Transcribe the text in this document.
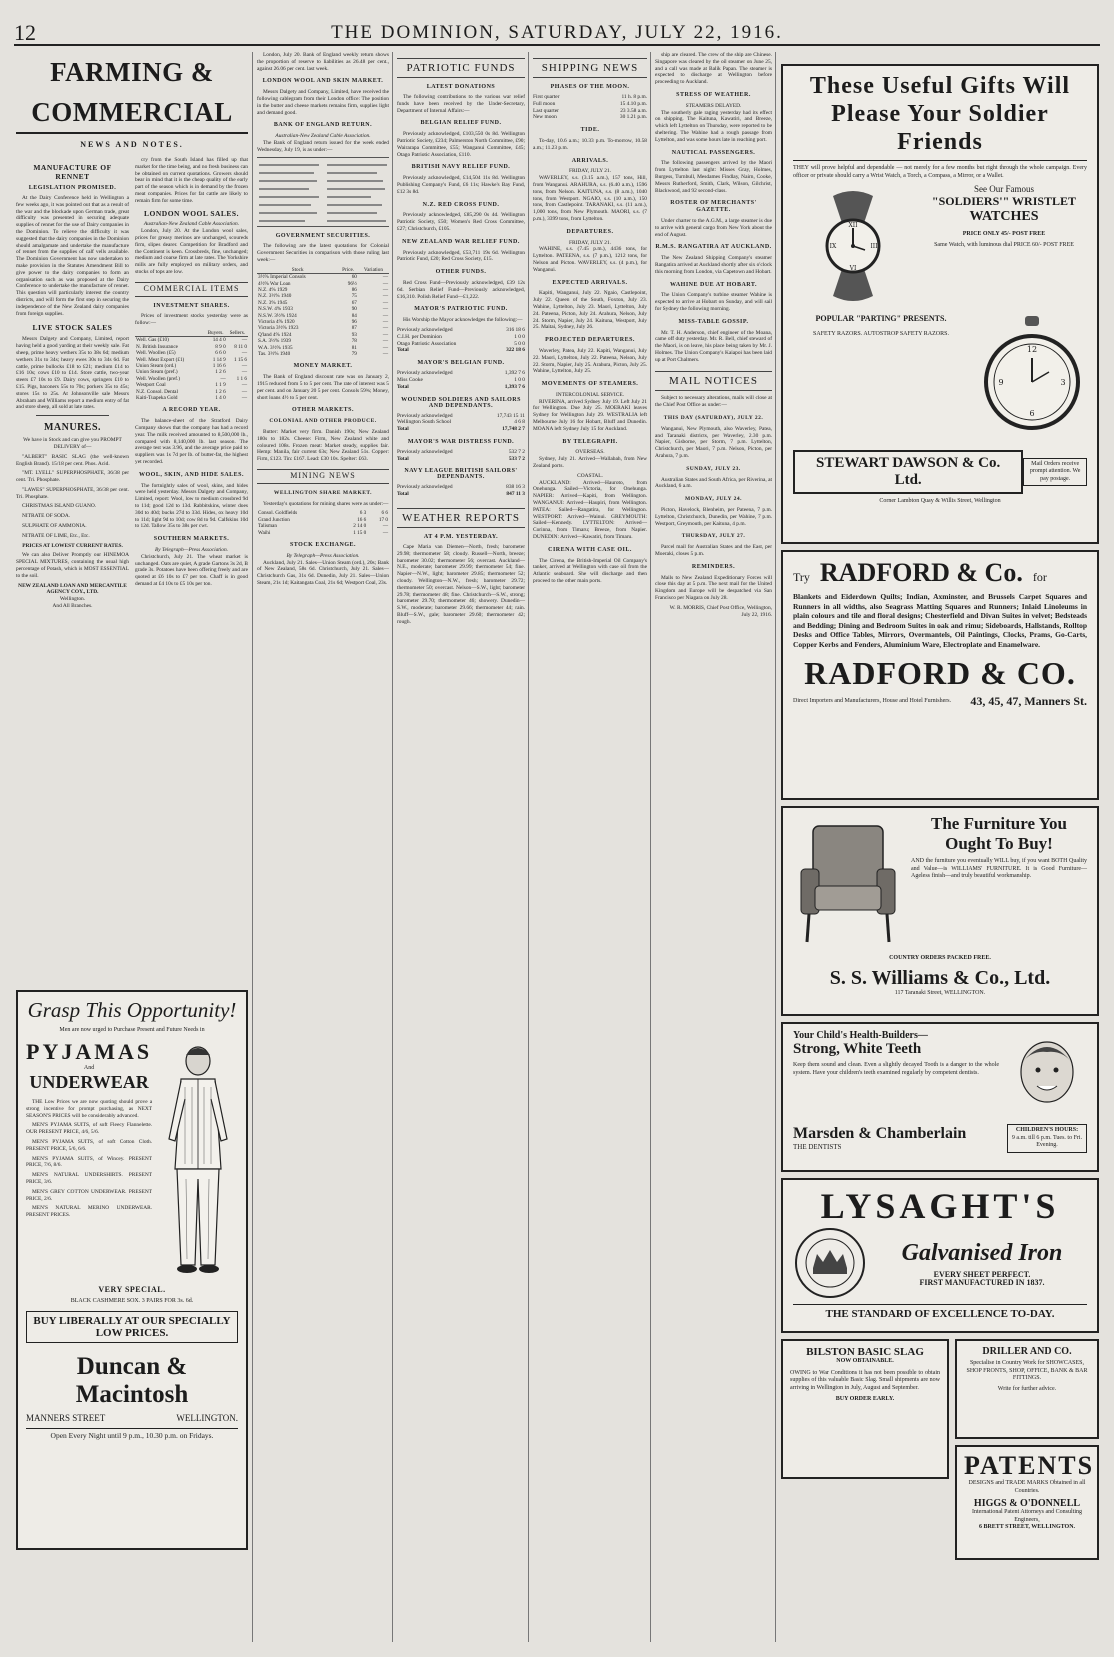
12	THE DOMINION, SATURDAY, JULY 22, 1916.
FARMING & COMMERCIAL
NEWS AND NOTES.
MANUFACTURE OF RENNET
LEGISLATION PROMISED.

At the Dairy Conference held in Wellington a few weeks ago, it was pointed out that as a result of the war and the blockade upon German trade, great difficulty was presented in securing adequate supplies of rennet for the use of Dairy companies in the Dominion. To relieve the difficulty it was suggested that the dairy companies in the Dominion should amalgamate and undertake the manufacture of rennet from the supplies of calf vells available. The Dominion Government has now undertaken to make provision in the Statutes Amendment Bill to give power to the dairy companies to form an organisation such as was proposed at the Dairy Conference to undertake the manufacture of rennet. This question will particularly interest the country districts, and will form the first step in securing the independence of the New Zealand dairy companies from foreign supplies.

LIVE STOCK SALES

Messrs Dalgety and Company, Limited, report having held a good yarding at their weekly sale. Fat sheep, prime heavy wethers 35s to 38s 6d; medium wethers 31s to 34s; heavy ewes 30s to 34s 6d. Fat cattle, prime bullocks £18 to £21; medium £14 to £16 10s; cows £10 to £14. Store cattle, two-year steers £7 10s to £9. Dairy cows, springers £10 to £15. Pigs, baconers 55s to 70s; porkers 35s to 45s; stores 15s to 25s. At Johnsonville sale Messrs Abraham and Williams report a medium entry of fat and store sheep, all sold at late rates.

MANURES.
We have in Stock and can give you PROMPT DELIVERY of—

"ALBERT" BASIC SLAG (the well-known English Brand). 15/18 per cent. Phos. Acid.

"MT. LYELL" SUPERPHOSPHATE, 36/38 per cent. Tri. Phosphate.

"LAWES" SUPERPHOSPHATE, 36/38 per cent. Tri. Phosphate.

CHRISTMAS ISLAND GUANO.

NITRATE OF SODA.

SULPHATE OF AMMONIA.

NITRATE OF LIME, Etc., Etc.

PRICES AT LOWEST CURRENT RATES.

We can also Deliver Promptly our HINEMOA SPECIAL MIXTURES, containing the usual high percentage of Potash, which is MOST ESSENTIAL to the soil.

NEW ZEALAND LOAN AND MERCANTILE AGENCY COY., LTD.
Wellington.
And All Branches.

cry from the South Island has filled up that market for the time being, and no fresh business can be obtained on current quotations. Growers should bear in mind that it is the cheap quality of the early part of the season which is in demand by the frozen meat companies. Prices for fat cattle are likely to remain firm for some time.

LONDON WOOL SALES.
Australian-New Zealand Cable Association.

London, July 20. At the London wool sales, prices for greasy merinos are unchanged, scoureds firm, slipes dearer. Competition for Bradford and the Continent is keen. Crossbreds, fine, unchanged; medium and coarse firm at late rates. The Yorkshire mills are fully employed on military orders, and stocks of tops are low.

COMMERCIAL ITEMS
INVESTMENT SHARES.

Prices of investment stocks yesterday were as follow:—

	Buyers.	Sellers.
Well. Gas (£10)	14 4 0	—
N. British Insurance	8 9 0	8 11 0
Well. Woollen (£5)	6 6 0	—
Well. Meat Export (£1)	1 14 9	1 15 6
Union Steam (ord.)	1 16 6	—
Union Steam (pref.)	1 2 6	—
Well. Woollen (pref.)	—	1 1 6
Westport Coal	1 1 9	—
N.Z. Consol. Dental	1 2 6	—
Kaiti-Tuapeka Gold	1 4 0	—
A RECORD YEAR.

The balance-sheet of the Stratford Dairy Company shows that the company has had a record year. The milk received amounted to 8,500,000 lb., compared with 8,140,000 lb. last season. The average test was 3.96, and the average price paid to suppliers was 1s 7d per lb. of butter-fat, the highest yet recorded.

WOOL, SKIN, AND HIDE SALES.

The fortnightly sales of wool, skins, and hides were held yesterday. Messrs Dalgety and Company, Limited, report: Wool, low to medium crossbred 9d to 11d; good 12d to 13d. Rabbitskins, winter does 30d to 40d; bucks 27d to 33d. Hides, ox heavy 10d to 11d; light 9d to 10d; cow 8d to 9d. Calfskins 10d to 12d. Tallow 35s to 38s per cwt.

SOUTHERN MARKETS.
By Telegraph—Press Association.

Christchurch, July 21. The wheat market is unchanged. Oats are quiet, A grade Gartons 3s 2d, B grade 3s. Potatoes have been offering freely and are quoted at £6 10s to £7 per ton. Chaff is in good demand at £4 10s to £5 10s per ton.

Grasp This Opportunity!
Men are now urged to Purchase Present and Future Needs in
PYJAMAS
And
UNDERWEAR

THE Low Prices we are now quoting should prove a strong incentive for prompt purchasing, as NEXT SEASON'S PRICES will be considerably advanced.

MEN'S PYJAMA SUITS, of soft Fleecy Flannelette. OUR PRESENT PRICE, 4/6, 5/6.

MEN'S PYJAMA SUITS, of soft Cotton Cloth. PRESENT PRICE, 5/6, 6/6.

MEN'S PYJAMA SUITS, of Wincey. PRESENT PRICE, 7/6, 8/6.

MEN'S NATURAL UNDERSHIRTS. PRESENT PRICE, 3/6.

MEN'S GREY COTTON UNDERWEAR. PRESENT PRICE, 2/6.

MEN'S NATURAL MERINO UNDERWEAR. PRESENT PRICES.

VERY SPECIAL.
BLACK CASHMERE SOX. 3 PAIRS FOR 3s. 6d.
BUY LIBERALLY AT OUR SPECIALLY LOW PRICES.
Duncan & Macintosh
MANNERS STREET	WELLINGTON.
Open Every Night until 9 p.m., 10.30 p.m. on Fridays.

London, July 20. Bank of England weekly return shows the proportion of reserve to liabilities as 26.48 per cent., against 26.06 per cent. last week.

LONDON WOOL AND SKIN MARKET.

Messrs Dalgety and Company, Limited, have received the following cablegram from their London office: The position in the butter and cheese markets remains firm, supplies light and demand good.

BANK OF ENGLAND RETURN.
Australian-New Zealand Cable Association.

The Bank of England return issued for the week ended Wednesday, July 19, is as under:—

GOVERNMENT SECURITIES.

The following are the latest quotations for Colonial Government Securities in comparison with those ruling last week:—

Stock	Price.	Variation
3½% Imperial Consols	60	—
4½% War Loan	96½	—
N.Z. 4% 1929	86	—
N.Z. 3½% 1940	75	—
N.Z. 3% 1945	67	—
N.S.W. 4% 1933	90	—
N.S.W. 3½% 1924	84	—
Victoria 4% 1920	96	—
Victoria 3½% 1923	87	—
Q'land 4% 1924	93	—
S.A. 3½% 1939	78	—
W.A. 3½% 1935	81	—
Tas. 3½% 1940	79	—
MONEY MARKET.

The Bank of England discount rate was on January 2, 1915 reduced from 5 to 5 per cent. The rate of interest was 5 per cent. and on January 20 5 per cent. Consols 59¾; Money, short loans 4½ to 5 per cent.

OTHER MARKETS.
COLONIAL AND OTHER PRODUCE.

Butter: Market very firm. Danish 190s; New Zealand 180s to 182s. Cheese: Firm, New Zealand white and coloured 108s. Frozen meat: Market steady, supplies fair. Hemp: Manila, fair current 63s; New Zealand 51s. Copper: Firm, £123. Tin: £167. Lead: £30 10s. Spelter: £63.

MINING NEWS
WELLINGTON SHARE MARKET.

Yesterday's quotations for mining shares were as under:—

Consol. Goldfields	6 3	6 6
Grand Junction	16 6	17 0
Talisman	2 14 0	—
Waihi	1 15 0	—
STOCK EXCHANGE.
By Telegraph—Press Association.

Auckland, July 21. Sales—Union Steam (ord.), 20s; Bank of New Zealand, 58s 6d. Christchurch, July 21. Sales—Christchurch Gas, 31s 6d. Dunedin, July 21. Sales—Union Steam, 21s 1d; Kaitangata Coal, 21s 6d; Westport Coal, 23s.

PATRIOTIC FUNDS
LATEST DONATIONS

The following contributions to the various war relief funds have been received by the Under-Secretary, Department of Internal Affairs:—

BELGIAN RELIEF FUND.

Previously acknowledged, £103,550 0s 8d. Wellington Patriotic Society, £234; Palmerston North Committee, £90; Wairarapa Committee, £55; Wanganui Committee, £45; Otago Patriotic Association, £110.

BRITISH NAVY RELIEF FUND.

Previously acknowledged, £14,504 11s 8d. Wellington Publishing Company's Fund, £6 11s; Hawke's Bay Fund, £12 3s 8d.

N.Z. RED CROSS FUND.

Previously acknowledged, £85,290 0s 4d. Wellington Patriotic Society, £50; Women's Red Cross Committee, £27; Christchurch, £105.

NEW ZEALAND WAR RELIEF FUND.

Previously acknowledged, £53,711 19s 6d. Wellington Patriotic Fund, £20; Red Cross Society, £15.

OTHER FUNDS.

Red Cross Fund—Previously acknowledged, £39 12s 6d. Serbian Relief Fund—Previously acknowledged, £16,310. Polish Relief Fund—£1,222.

MAYOR'S PATRIOTIC FUND.

His Worship the Mayor acknowledges the following:—

Previously acknowledged	316 18 6
C.I.H. per Dominion	1 0 0
Otago Patriotic Association	5 0 0
Total	322 18 6
MAYOR'S BELGIAN FUND.
Previously acknowledged	1,392 7 6
Miss Cooke	1 0 0
Total	1,393 7 6
WOUNDED SOLDIERS AND SAILORS AND DEPENDANTS.
Previously acknowledged	17,743 15 11
Wellington South School	4 6 8
Total	17,748 2 7
MAYOR'S WAR DISTRESS FUND.
Previously acknowledged	532 7 2
Total	533 7 2
NAVY LEAGUE BRITISH SAILORS' DEPENDANTS.
Previously acknowledged	838 16 3
Total	847 11 3
WEATHER REPORTS
AT 4 P.M. YESTERDAY.

Cape Maria van Diemen—North, fresh; barometer 29.98; thermometer 58; cloudy. Russell—North, breeze; barometer 30.02; thermometer 56; overcast. Auckland—N.E., moderate; barometer 29.99; thermometer 54; fine. Napier—N.W., light; barometer 29.85; thermometer 52; cloudy. Wellington—N.W., fresh; barometer 29.72; thermometer 50; overcast. Nelson—S.W., light; barometer 29.78; thermometer 48; fine. Christchurch—S.W., strong; barometer 29.70; thermometer 46; showery. Dunedin—S.W., moderate; barometer 29.66; thermometer 44; rain. Bluff—S.W., gale; barometer 29.60; thermometer 42; rough.

SHIPPING NEWS
PHASES OF THE MOON.
First quarter	11 h. 8 p.m.
Full moon	15 4.10 p.m.
Last quarter	23 3.58 a.m.
New moon	30 1.21 p.m.
TIDE.

To-day, 10.6 a.m.; 10.33 p.m. To-morrow, 10.58 a.m.; 11.23 p.m.

ARRIVALS.
FRIDAY, JULY 21.

WAVERLEY, s.s. (3.15 a.m.), 157 tons, Hill, from Wanganui. ARAHURA, s.s. (6.40 a.m.), 1596 tons, from Nelson. KAITUNA, s.s. (8 a.m.), 1040 tons, from Westport. NGAIO, s.s. (10 a.m.), 150 tons, from Castlepoint. TARANAKI, s.s. (11 a.m.), 1,000 tons, from New Plymouth. MAORI, s.s. (7 p.m.), 3399 tons, from Lyttelton.

DEPARTURES.
FRIDAY, JULY 21.

WAHINE, s.s. (7.45 p.m.), 4436 tons, for Lyttelton. PATEENA, s.s. (7 p.m.), 1212 tons, for Nelson and Picton. WAVERLEY, s.s. (4 p.m.), for Wanganui.

EXPECTED ARRIVALS.

Kapiti, Wanganui, July 22. Ngaio, Castlepoint, July 22. Queen of the South, Foxton, July 23. Wahine, Lyttelton, July 23. Maori, Lyttelton, July 24. Pateena, Picton, July 24. Arahura, Nelson, July 24. Storm, Napier, July 24. Kaituna, Westport, July 25. Maitai, Sydney, July 26.

PROJECTED DEPARTURES.

Waverley, Patea, July 22. Kapiti, Wanganui, July 22. Maori, Lyttelton, July 22. Pateena, Nelson, July 22. Storm, Napier, July 25. Arahura, Picton, July 25. Wahine, Lyttelton, July 25.

MOVEMENTS OF STEAMERS.
INTERCOLONIAL SERVICE.

RIVERINA, arrived Sydney July 19. Left July 21 for Wellington. Due July 25. MOERAKI leaves Sydney for Wellington July 29. WESTRALIA left Melbourne July 16 for Hobart, Bluff and Dunedin. MOANA left Sydney July 15 for Auckland.

BY TELEGRAPH.
OVERSEAS.

Sydney, July 21. Arrived—Wallabah, from New Zealand ports.

COASTAL.

AUCKLAND: Arrived—Hauroto, from Onehunga. Sailed—Victoria, for Onehunga. NAPIER: Arrived—Kapiti, from Wellington. WANGANUI: Arrived—Haupiri, from Wellington. PATEA: Sailed—Rangatira, for Wellington. WESTPORT: Arrived—Wainui. GREYMOUTH: Sailed—Kennedy. LYTTELTON: Arrived—Corinna, from Timaru; Breeze, from Napier. DUNEDIN: Arrived—Kawatiri, from Timaru.

CIRENA WITH CASE OIL.

The Cirena, the British-Imperial Oil Company's tanker, arrived at Wellington with case oil from the Atlantic seaboard. She will discharge and then proceed to the other main ports.

ship are cleared. The crew of the ship are Chinese. Singapore was cleared by the oil steamer on June 25, and a call was made at Balik Papan. The steamer is expected to discharge at Wellington before proceeding to Auckland.

STRESS OF WEATHER.
STEAMERS DELAYED.

The southerly gale raging yesterday had its effect on shipping. The Kaituna, Kawatiri, and Breeze, which left Lyttelton on Thursday, were reported to be sheltering. The Wahine had a rough passage from Lyttelton, and was some hours late in reaching port.

NAUTICAL PASSENGERS.

The following passengers arrived by the Maori from Lyttelton last night: Misses Gray, Holmes, Burgess, Turnbull, Mesdames Findlay, Nairn, Cooke, Messrs Rutherford, Smith, Clark, Wilson, Gilchrist, Blackwood, and 92 second-class.

ROSTER OF MERCHANTS' GAZETTE.

Under charter to the A.G.M., a large steamer is due to arrive with general cargo from New York about the end of August.

R.M.S. RANGATIRA AT AUCKLAND.

The New Zealand Shipping Company's steamer Rangatira arrived at Auckland shortly after six o'clock this morning from London, via Capetown and Hobart.

WAHINE DUE AT HOBART.

The Union Company's turbine steamer Wahine is expected to arrive at Hobart on Sunday, and will sail for Sydney the following morning.

MISS-TABLE GOSSIP.

Mr. T. H. Anderson, chief engineer of the Moana, came off duty yesterday. Mr. R. Bell, chief steward of the Maori, is on leave, his place being taken by Mr. J. Holmes. The Union Company's Kaiapoi has been laid up at Port Chalmers.

MAIL NOTICES

Subject to necessary alterations, mails will close at the Chief Post Office as under:—

THIS DAY (SATURDAY), JULY 22.

Wanganui, New Plymouth, also Waverley, Patea, and Taranaki districts, per Waverley, 2.30 p.m. Napier, Gisborne, per Storm, 7 p.m. Lyttelton, Christchurch, per Maori, 7 p.m. Nelson, Picton, per Arahura, 7 p.m.

SUNDAY, JULY 23.

Australian States and South Africa, per Riverina, at Auckland, 6 a.m.

MONDAY, JULY 24.

Picton, Havelock, Blenheim, per Pateena, 7 p.m. Lyttelton, Christchurch, Dunedin, per Wahine, 7 p.m. Westport, Greymouth, per Kaituna, 4 p.m.

THURSDAY, JULY 27.

Parcel mail for Australian States and the East, per Moeraki, closes 5 p.m.

REMINDERS.

Mails to New Zealand Expeditionary Forces will close this day at 5 p.m. The next mail for the United Kingdom and Europe will be despatched via San Francisco per Niagara on July 28.

W. R. MORRIS, Chief Post Office, Wellington, July 22, 1916.

These Useful Gifts Will
Please Your Soldier Friends
THEY will prove helpful and dependable — not merely for a few months but right through the whole campaign. Every officer or private should carry a Wrist Watch, a Torch, a Compass, a Mirror, or a Wallet.
XII
III
VI
IX
See Our Famous
"SOLDIERS'" WRISTLET
WATCHES
PRICE ONLY 45/- POST FREE
Same Watch, with luminous dial PRICE 60/- POST FREE
POPULAR "PARTING" PRESENTS.
SAFETY RAZORS. AUTOSTROP SAFETY RAZORS.
12
3
6
9
STEWART DAWSON & Co. Ltd.
Mail Orders receive prompt attention. We pay postage.
Corner Lambton Quay & Willis Street, Wellington
Try RADFORD & Co. for
Blankets and Eiderdown Quilts; Indian, Axminster, and Brussels Carpet Squares and Runners in all widths, also Seagrass Matting Squares and Runners; Inlaid Linoleums in plain colours and tile and floral designs; Chesterfield and Divan Suites in velvet; Bedsteads and Bedding; Dining and Bedroom Suites in oak and rimu; Sideboards, Hallstands, Rolltop Desks and Office Tables, Mirrors, Overmantels, Oil Paintings, Clocks, Prams, Go-Carts, Copper Kerbs and Fenders, Aluminium Ware, Electroplate and Enamelware.
RADFORD & CO.
Direct Importers and Manufacturers, House and Hotel Furnishers. 43, 45, 47, Manners St.
The Furniture You
Ought To Buy!
AND the furniture you eventually WILL buy, if you want BOTH Quality and Value—is WILLIAMS' FURNITURE. It is Good Furniture—Ageless finish—and truly beautiful workmanship.
COUNTRY ORDERS PACKED FREE.
S. S. Williams & Co., Ltd.
117 Taranaki Street, WELLINGTON.
Your Child's Health-Builders—
Strong, White Teeth
Keep them sound and clean. Even a slightly decayed Tooth is a danger to the whole system. Have your children's teeth examined regularly by competent dentists.
Marsden & Chamberlain
THE DENTISTS
CHILDREN'S HOURS:
9 a.m. till 6 p.m. Tues. to Fri. Evening.
LYSAGHT'S
Galvanised Iron
EVERY SHEET PERFECT.
FIRST MANUFACTURED IN 1837.
THE STANDARD OF EXCELLENCE TO-DAY.
BILSTON BASIC SLAG
NOW OBTAINABLE.
OWING to War Conditions it has not been possible to obtain supplies of this valuable Basic Slag. Small shipments are now arriving in Wellington in July, August and September.
BUY ORDER EARLY.
DRILLER AND CO.
Specialise in Country Work for SHOWCASES, SHOP FRONTS, SHOP, OFFICE, BANK & BAR FITTINGS.
Write for further advice.
PATENTS
DESIGNS and TRADE MARKS Obtained in all Countries.
HIGGS & O'DONNELL
International Patent Attorneys and Consulting Engineers,
6 BRETT STREET, WELLINGTON.
